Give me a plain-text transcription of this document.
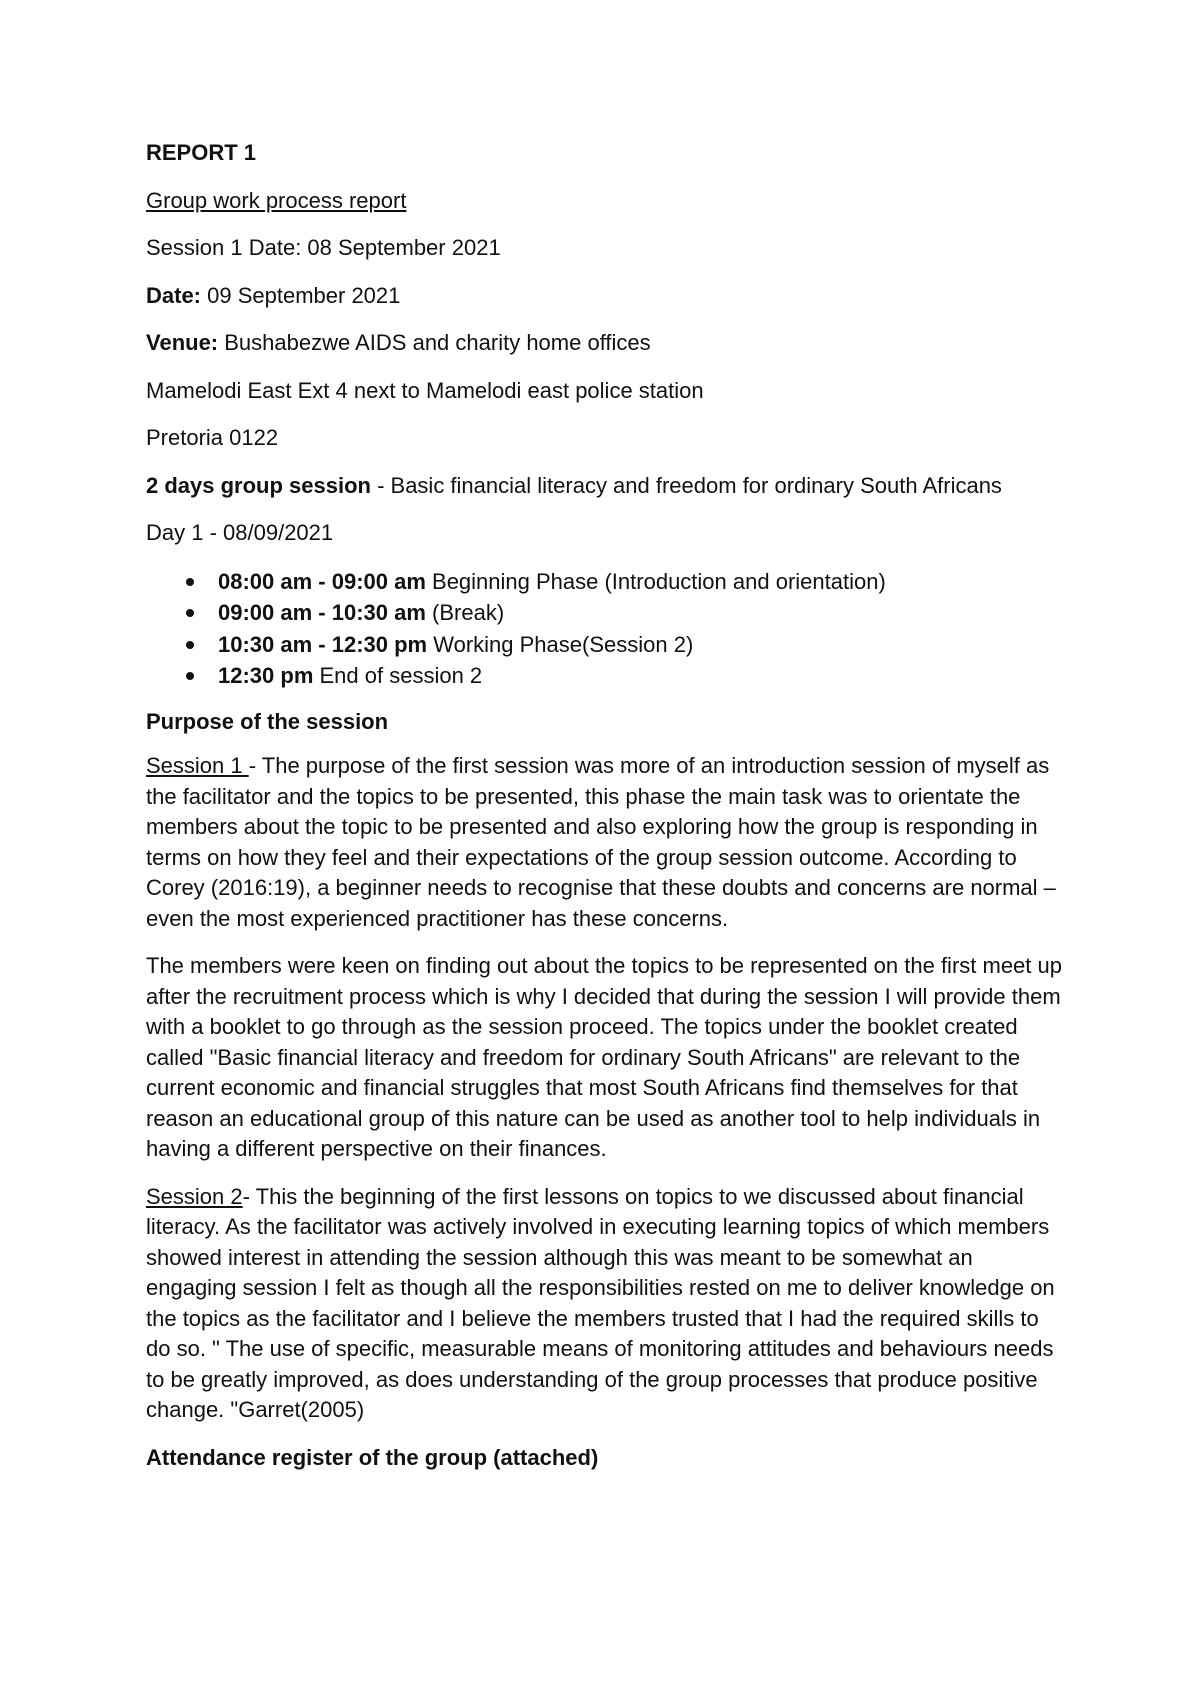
REPORT 1

Group work process report

Session 1 Date: 08 September 2021

Date: 09 September 2021

Venue: Bushabezwe AIDS and charity home offices

Mamelodi East Ext 4 next to Mamelodi east police station

Pretoria 0122

2 days group session - Basic financial literacy and freedom for ordinary South Africans

Day 1 - 08/09/2021

08:00 am - 09:00 am Beginning Phase (Introduction and orientation)
09:00 am - 10:30 am (Break)
10:30 am - 12:30 pm Working Phase(Session 2)
12:30 pm End of session 2

Purpose of the session

Session 1 - The purpose of the first session was more of an introduction session of myself as the facilitator and the topics to be presented, this phase the main task was to orientate the members about the topic to be presented and also exploring how the group is responding in terms on how they feel and their expectations of the group session outcome. According to Corey (2016:19), a beginner needs to recognise that these doubts and concerns are normal – even the most experienced practitioner has these concerns.

The members were keen on finding out about the topics to be represented on the first meet up after the recruitment process which is why I decided that during the session I will provide them with a booklet to go through as the session proceed. The topics under the booklet created called "Basic financial literacy and freedom for ordinary South Africans" are relevant to the current economic and financial struggles that most South Africans find themselves for that reason an educational group of this nature can be used as another tool to help individuals in having a different perspective on their finances.

Session 2- This the beginning of the first lessons on topics to we discussed about financial literacy. As the facilitator was actively involved in executing learning topics of which members showed interest in attending the session although this was meant to be somewhat an engaging session I felt as though all the responsibilities rested on me to deliver knowledge on the topics as the facilitator and I believe the members trusted that I had the required skills to do so. " The use of specific, measurable means of monitoring attitudes and behaviours needs to be greatly improved, as does understanding of the group processes that produce positive change. "Garret(2005)

Attendance register of the group (attached)
